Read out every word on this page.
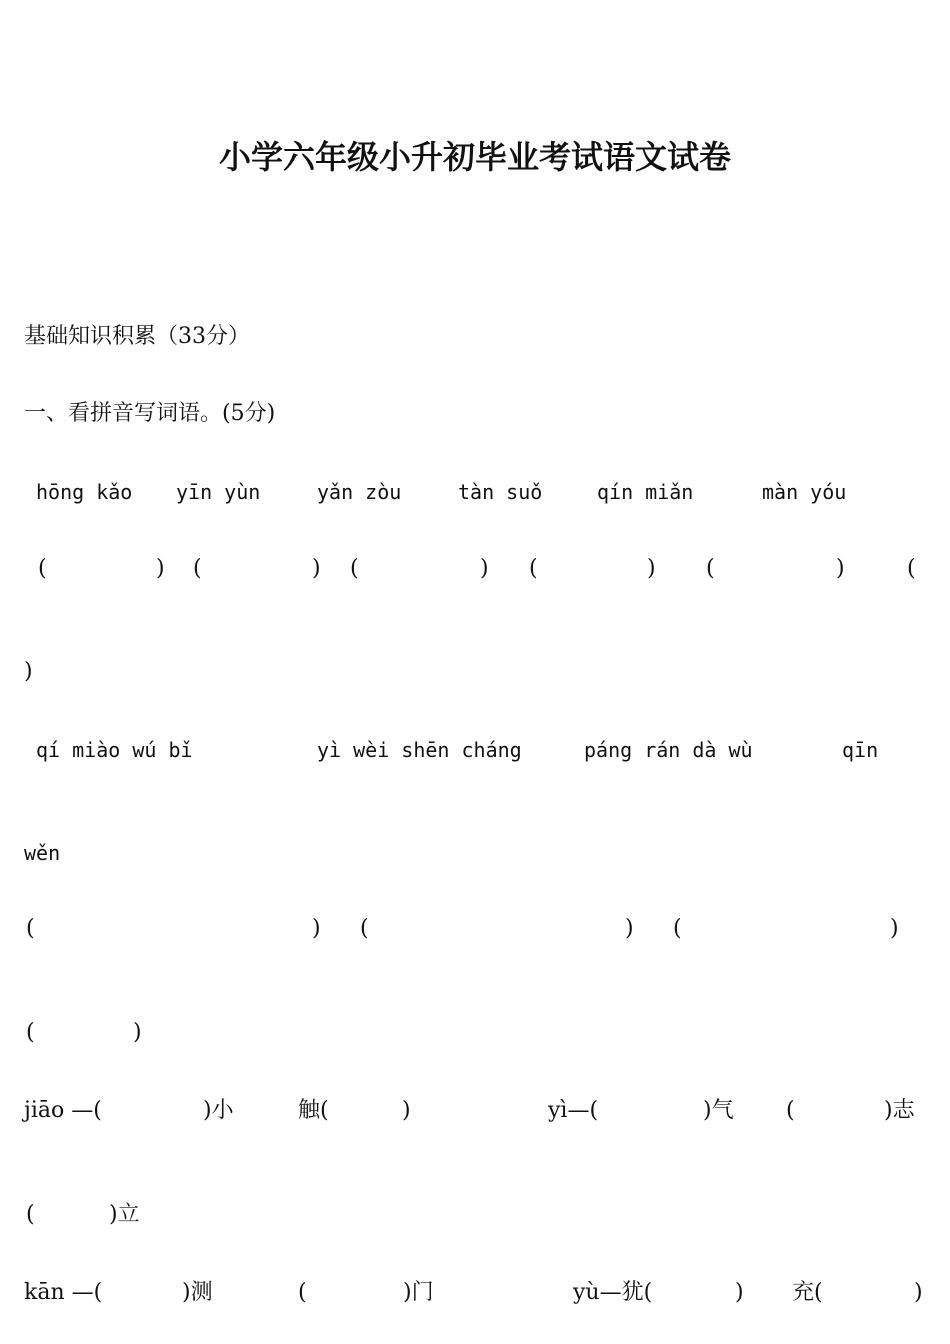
小学六年级小升初毕业考试语文试卷
基础知识积累（33分）
一、看拼音写词语。(5分)
hōng kǎo yīn yùn	yǎn zòu	tàn suǒ	qín miǎn	màn yóu
(	) (	) (	) (	) (	)	(
)
qí miào wú bǐ	yì wèi shēn cháng	páng rán dà wù	qīn
wěn
(	) (	) (	)
(	)
jiāo —(	)小	触(	)	yì—(	)气 (	)志
(	)立
kān —(	)测	(	)门	yù—犹(	) 充(	)
